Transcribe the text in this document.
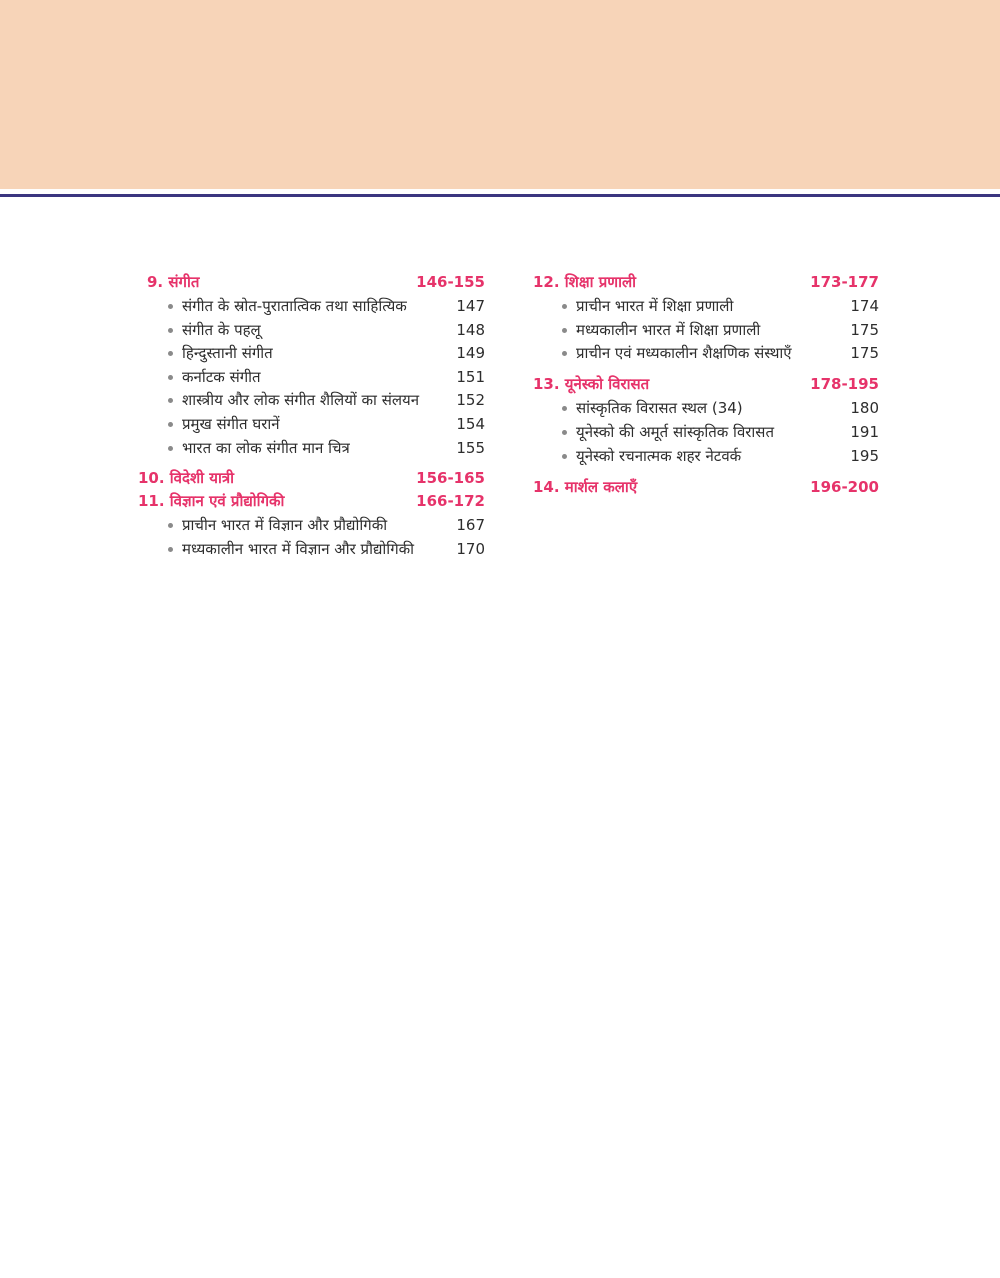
9. संगीत	146-155
संगीत के स्रोत-पुरातात्विक तथा साहित्यिक	147
संगीत के पहलू	148
हिन्दुस्तानी संगीत	149
कर्नाटक संगीत	151
शास्त्रीय और लोक संगीत शैलियों का संलयन 152
प्रमुख संगीत घरानें	154
भारत का लोक संगीत मान चित्र	155
10. विदेशी यात्री	156-165
11. विज्ञान एवं प्रौद्योगिकी	166-172
प्राचीन भारत में विज्ञान और प्रौद्योगिकी	167
मध्यकालीन भारत में विज्ञान और प्रौद्योगिकी	170
12. शिक्षा प्रणाली	173-177
प्राचीन भारत में शिक्षा प्रणाली	174
मध्यकालीन भारत में शिक्षा प्रणाली	175
प्राचीन एवं मध्यकालीन शैक्षणिक संस्थाएँ	175
13. यूनेस्को विरासत	178-195
सांस्कृतिक विरासत स्थल (34)	180
यूनेस्को की अमूर्त सांस्कृतिक विरासत	191
यूनेस्को रचनात्मक शहर नेटवर्क	195
14. मार्शल कलाएँ	196-200
